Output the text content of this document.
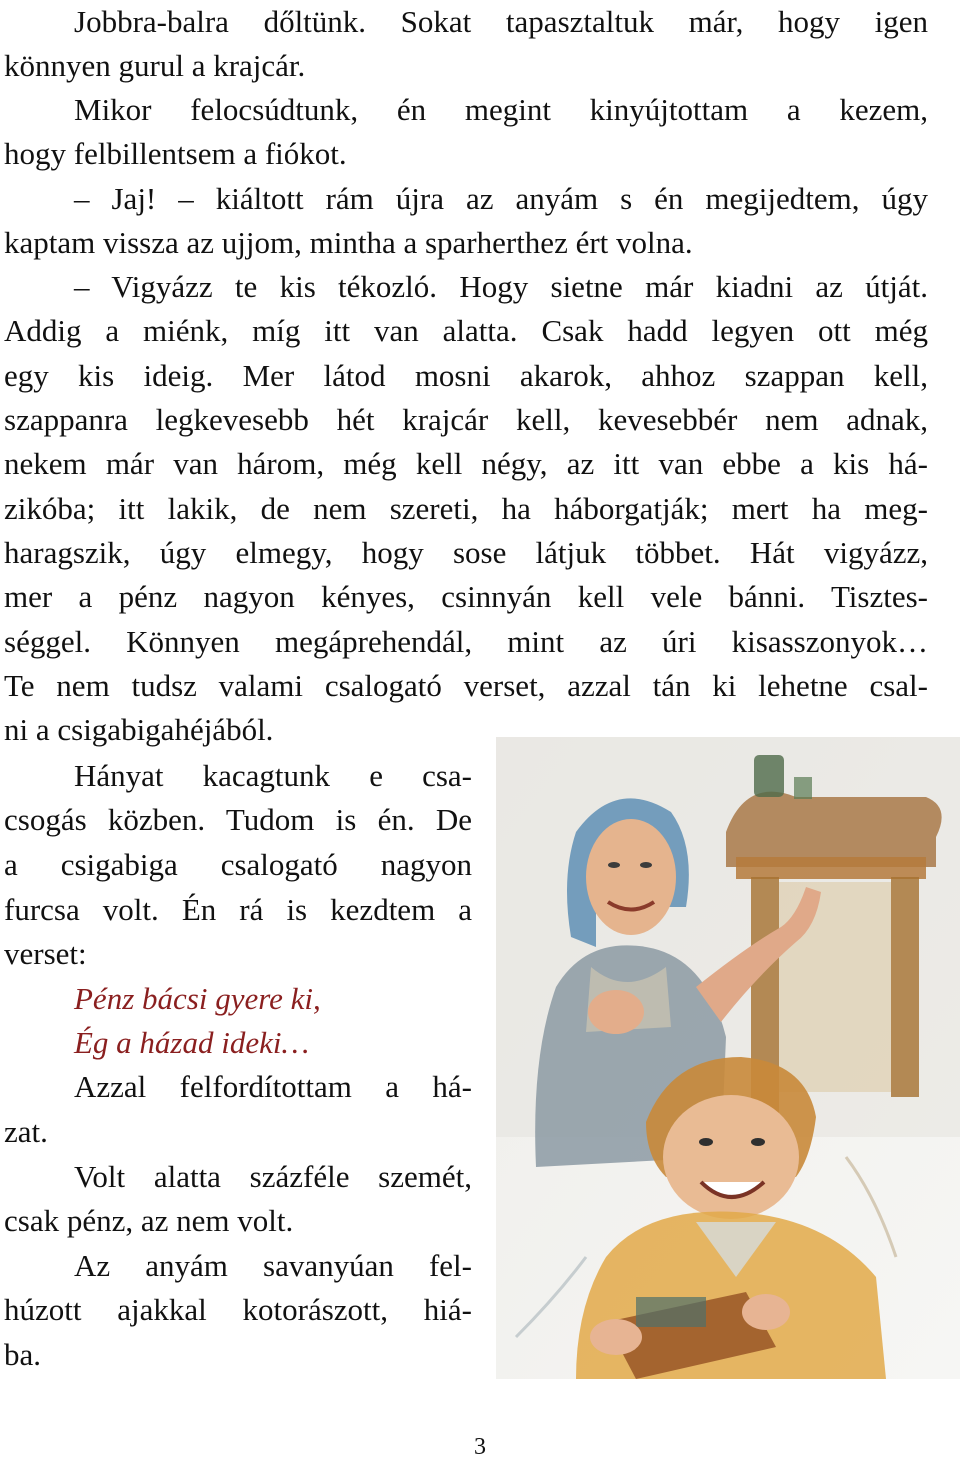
Jobbra-balra dőltünk. Sokat tapasztaltuk már, hogy igen
könnyen gurul a krajcár.
Mikor felocsúdtunk, én megint kinyújtottam a kezem,
hogy felbillentsem a fiókot.
– Jaj! – kiáltott rám újra az anyám s én megijedtem, úgy
kaptam vissza az ujjom, mintha a sparherthez ért volna.
– Vigyázz te kis tékozló. Hogy sietne már kiadni az útját.
Addig a miénk, míg itt van alatta. Csak hadd legyen ott még
egy kis ideig. Mer látod mosni akarok, ahhoz szappan kell,
szappanra legkevesebb hét krajcár kell, kevesebbér nem adnak,
nekem már van három, még kell négy, az itt van ebbe a kis há-
zikóba; itt lakik, de nem szereti, ha háborgatják; mert ha meg-
haragszik, úgy elmegy, hogy sose látjuk többet. Hát vigyázz,
mer a pénz nagyon kényes, csinnyán kell vele bánni. Tisztes-
séggel. Könnyen megáprehendál, mint az úri kisasszonyok…
Te nem tudsz valami csalogató verset, azzal tán ki lehetne csal-
ni a csigabigahéjából.
Hányat kacagtunk e csa-
csogás közben. Tudom is én. De
a csigabiga csalogató nagyon
furcsa volt. Én rá is kezdtem a
verset:
Pénz bácsi gyere ki,
Ég a házad ideki…
Azzal felfordítottam a há-
zat.
Volt alatta százféle szemét,
csak pénz, az nem volt.
Az anyám savanyúan fel-
húzott ajakkal kotorászott, hiá-
ba.
3
